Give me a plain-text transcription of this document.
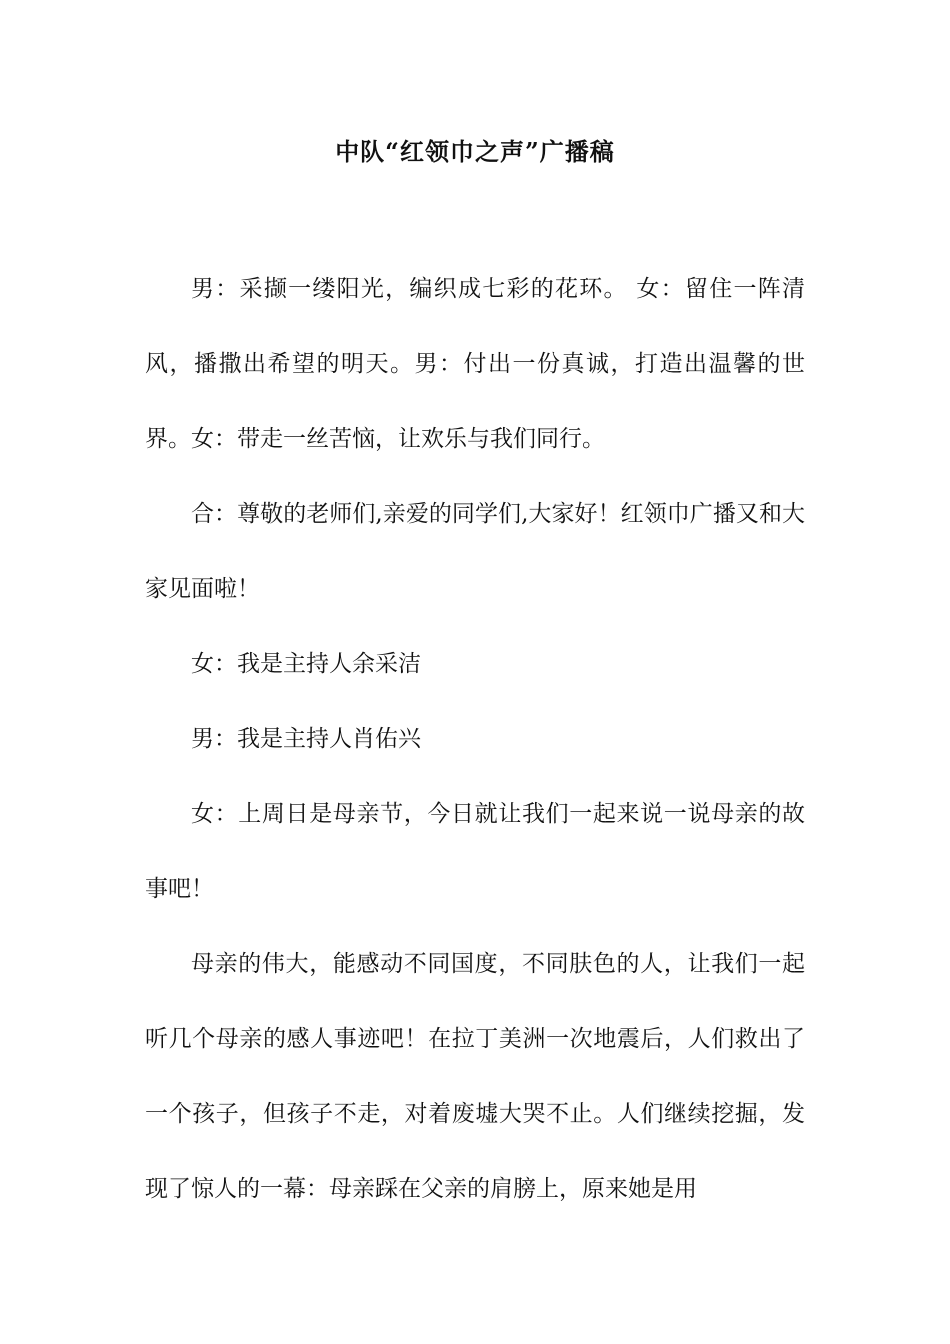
中队“红领巾之声”广播稿

男：采撷一缕阳光，编织成七彩的花环。 女：留住一阵清风，播撒出希望的明天。男：付出一份真诚，打造出温馨的世界。女：带走一丝苦恼，让欢乐与我们同行。

合：尊敬的老师们,亲爱的同学们,大家好！红领巾广播又和大家见面啦！

女：我是主持人余采洁

男：我是主持人肖佑兴

女：上周日是母亲节，今日就让我们一起来说一说母亲的故事吧！

母亲的伟大，能感动不同国度，不同肤色的人，让我们一起听几个母亲的感人事迹吧！在拉丁美洲一次地震后，人们救出了一个孩子，但孩子不走，对着废墟大哭不止。人们继续挖掘，发现了惊人的一幕：母亲踩在父亲的肩膀上，原来她是用
